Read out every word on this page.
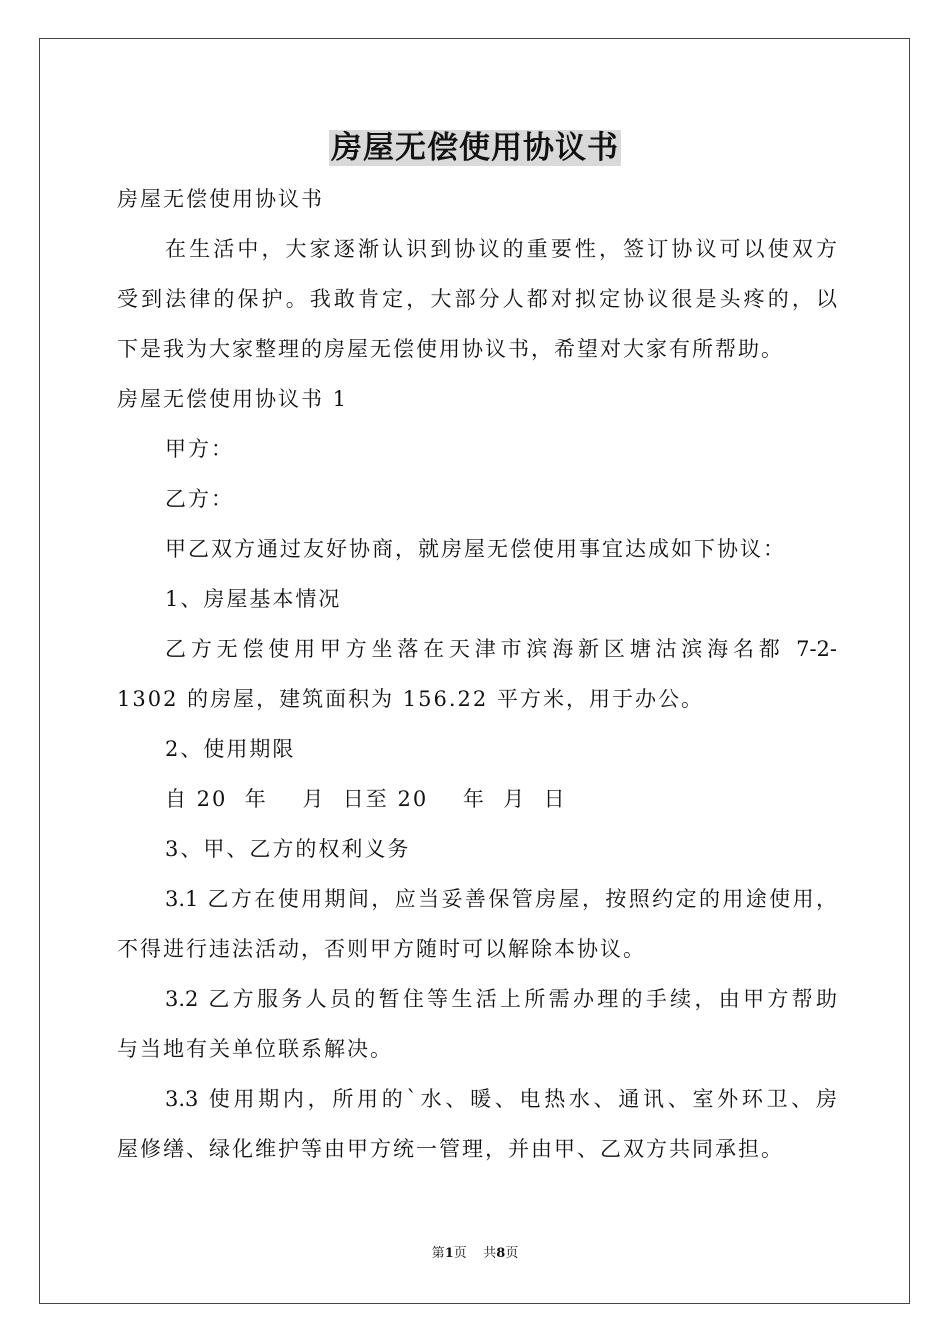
房屋无偿使用协议书
房屋无偿使用协议书
在生活中，大家逐渐认识到协议的重要性，签订协议可以使双方
受到法律的保护。我敢肯定，大部分人都对拟定协议很是头疼的，以
下是我为大家整理的房屋无偿使用协议书，希望对大家有所帮助。
房屋无偿使用协议书 1
甲方：
乙方：
甲乙双方通过友好协商，就房屋无偿使用事宜达成如下协议：
1、房屋基本情况
乙方无偿使用甲方坐落在天津市滨海新区塘沽滨海名都 7-2-
1302 的房屋，建筑面积为 156.22 平方米，用于办公。
2、使用期限
自 20  年    月  日至 20    年  月  日
3、甲、乙方的权利义务
3.1 乙方在使用期间，应当妥善保管房屋，按照约定的用途使用，
不得进行违法活动，否则甲方随时可以解除本协议。
3.2 乙方服务人员的暂住等生活上所需办理的手续，由甲方帮助
与当地有关单位联系解决。
3.3 使用期内，所用的`水、暖、电热水、通讯、室外环卫、房
屋修缮、绿化维护等由甲方统一管理，并由甲、乙双方共同承担。
第1页    共8页
